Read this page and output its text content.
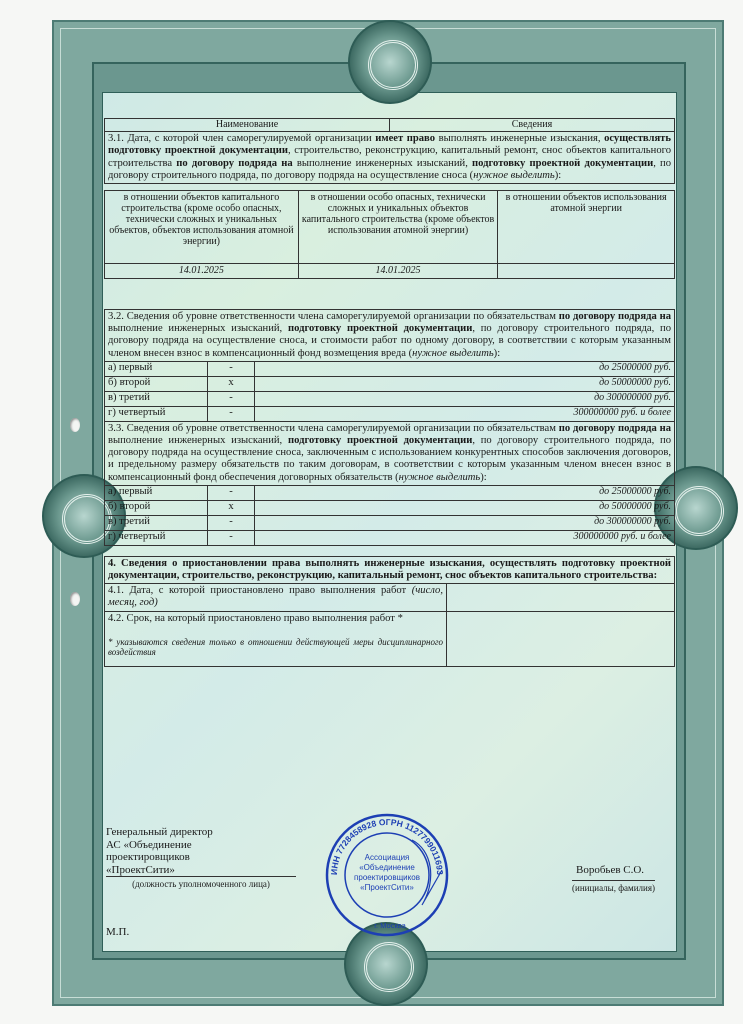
Наименование	Сведения
3.1. Дата, с которой член саморегулируемой организации имеет право выполнять инженерные изыскания, осуществлять подготовку проектной документации, строительство, реконструкцию, капитальный ремонт, снос объектов капитального строительства по договору подряда на выполнение инженерных изысканий, подготовку проектной документации, по договору строительного подряда, по договору подряда на осуществление сноса (нужное выделить):
в отношении объектов капитального строительства (кроме особо опасных, технически сложных и уникальных объектов, объектов использования атомной энергии)	в отношении особо опасных, технически сложных и уникальных объектов капитального строительства (кроме объектов использования атомной энергии)	в отношении объектов использования атомной энергии
14.01.2025	14.01.2025	
3.2. Сведения об уровне ответственности члена саморегулируемой организации по обязательствам по договору подряда на выполнение инженерных изысканий, подготовку проектной документации, по договору строительного подряда, по договору подряда на осуществление сноса, и стоимости работ по одному договору, в соответствии с которым указанным членом внесен взнос в компенсационный фонд возмещения вреда (нужное выделить):		
а) первый	-	до 25000000 руб.
б) второй	x	до 50000000 руб.
в) третий	-	до 300000000 руб.
г) четвертый	-	300000000 руб. и более
3.3. Сведения об уровне ответственности члена саморегулируемой организации по обязательствам по договору подряда на выполнение инженерных изысканий, подготовку проектной документации, по договору строительного подряда, по договору подряда на осуществление сноса, заключенным с использованием конкурентных способов заключения договоров, и предельному размеру обязательств по таким договорам, в соответствии с которым указанным членом внесен взнос в компенсационный фонд обеспечения договорных обязательств (нужное выделить):		
а) первый	-	до 25000000 руб.
б) второй	x	до 50000000 руб.
в) третий	-	до 300000000 руб.
г) четвертый	-	300000000 руб. и более
4. Сведения о приостановлении права выполнять инженерные изыскания, осуществлять подготовку проектной документации, строительство, реконструкцию, капитальный ремонт, снос объектов капитального строительства:	
4.1. Дата, с которой приостановлено право выполнения работ (число, месяц, год)	

4.2. Срок, на который приостановлено право выполнения работ *
* указываются сведения только в отношении действующей меры дисциплинарного воздействия	

Генеральный директор
АС «Объединение
проектировщиков
«ПроектСити»
(должность уполномоченного лица)
Воробьев С.О.
(инициалы, фамилия)
М.П.
ИНН 7728458928 ОГРН 1127799011693
Ассоциация
«Объединение
проектировщиков
«ПроектСити»
г. Москва
